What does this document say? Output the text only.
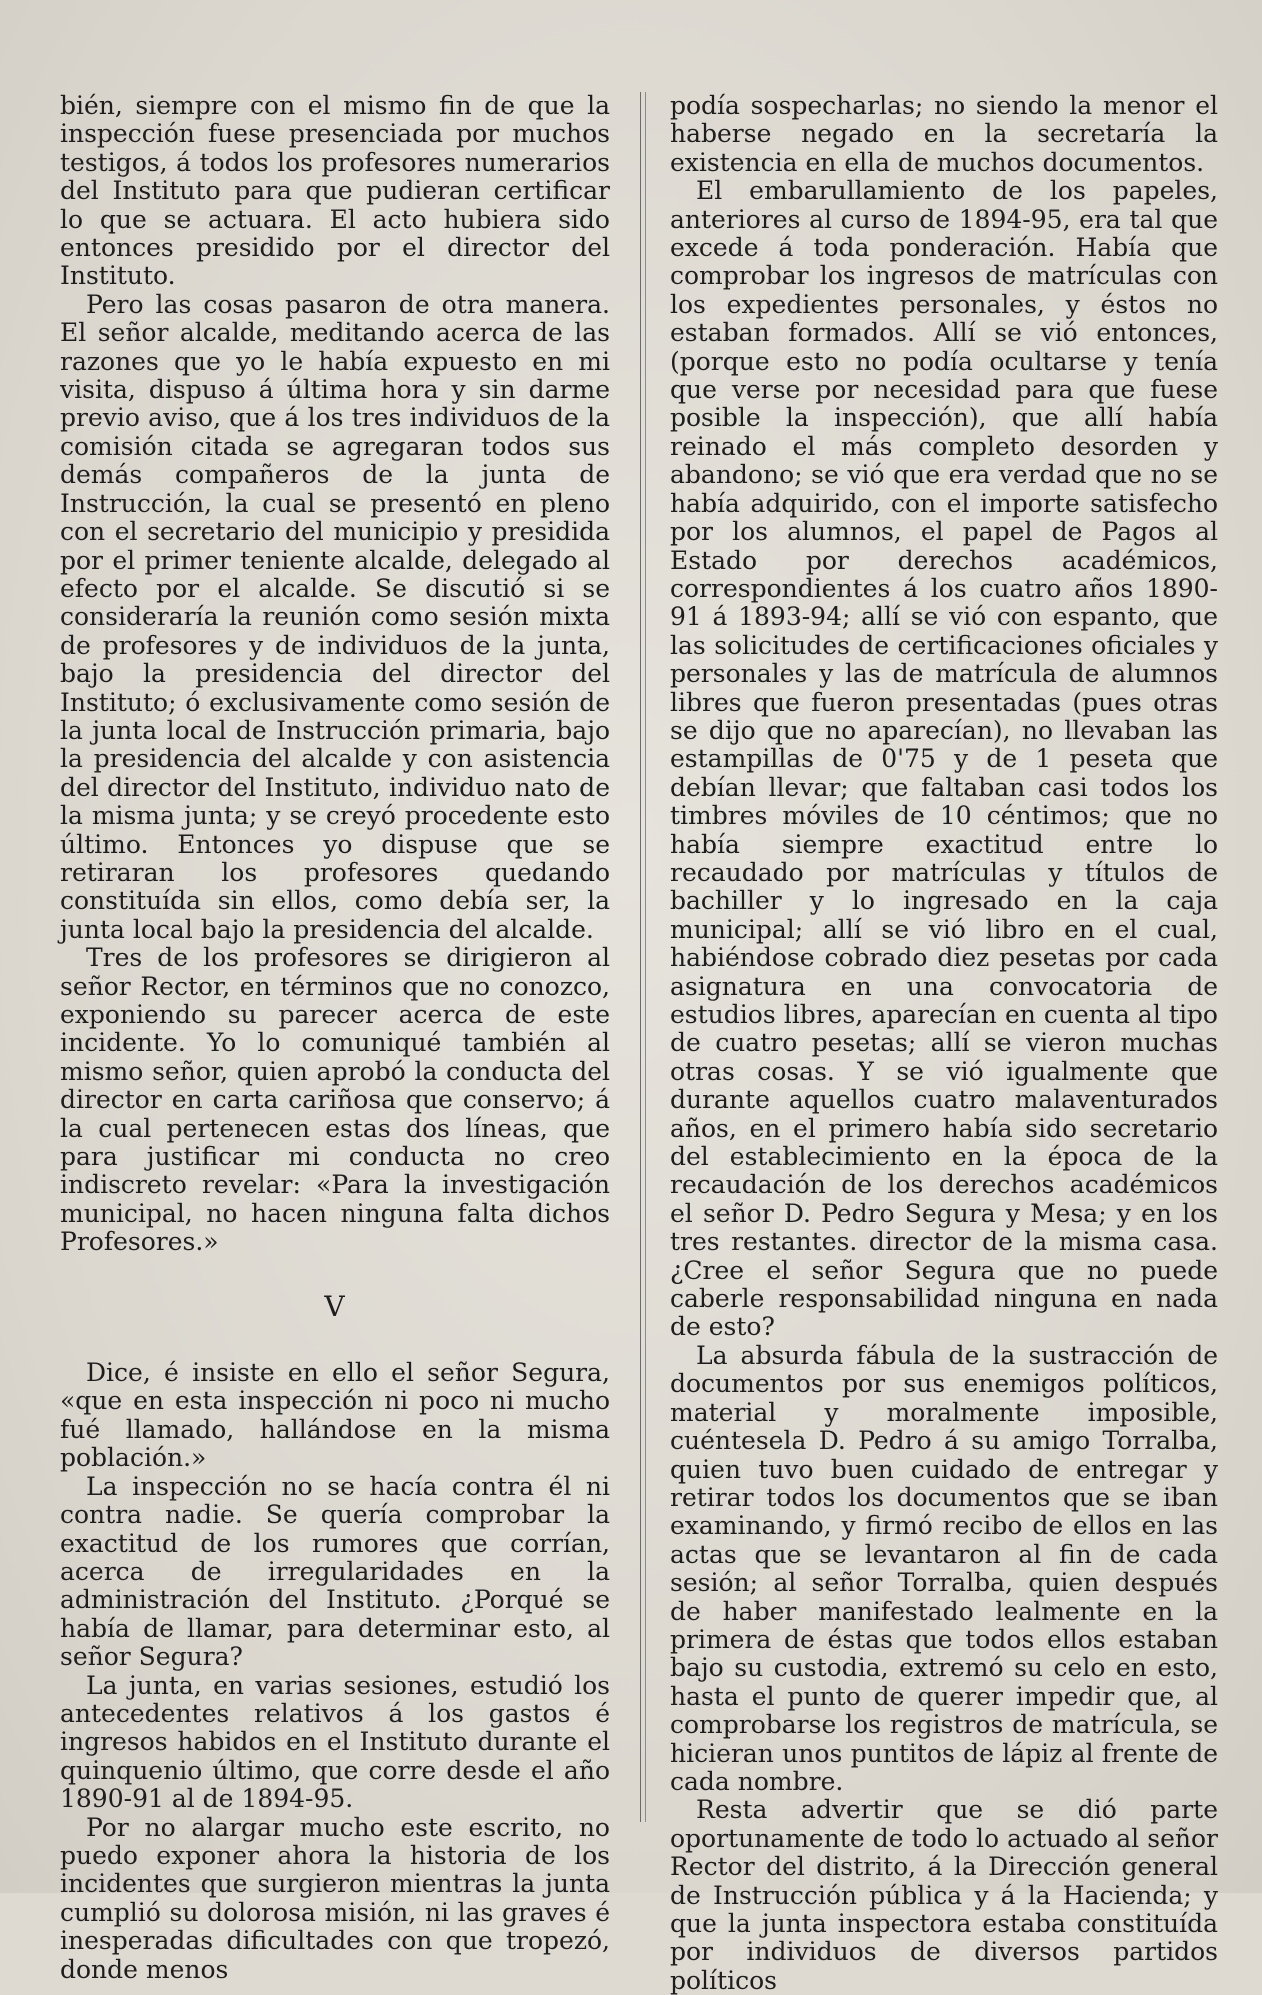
bién, siempre con el mismo fin de que la inspección fuese presenciada por muchos testigos, á todos los profesores numerarios del Instituto para que pudieran certificar lo que se actuara. El acto hubiera sido entonces presidido por el director del Instituto.

Pero las cosas pasaron de otra manera. El señor alcalde, meditando acerca de las razones que yo le había expuesto en mi visita, dispuso á última hora y sin darme previo aviso, que á los tres individuos de la comisión citada se agregaran todos sus demás compañeros de la junta de Instrucción, la cual se presentó en pleno con el secretario del municipio y presidida por el primer teniente alcalde, delegado al efecto por el alcalde. Se discutió si se consideraría la reunión como sesión mixta de profesores y de individuos de la junta, bajo la presidencia del director del Instituto; ó exclusivamente como sesión de la junta local de Instrucción primaria, bajo la presidencia del alcalde y con asistencia del director del Instituto, individuo nato de la misma junta; y se creyó procedente esto último. Entonces yo dispuse que se retiraran los profesores quedando constituída sin ellos, como debía ser, la junta local bajo la presidencia del alcalde.

Tres de los profesores se dirigieron al señor Rector, en términos que no conozco, exponiendo su parecer acerca de este incidente. Yo lo comuniqué también al mismo señor, quien aprobó la conducta del director en carta cariñosa que conservo; á la cual pertenecen estas dos líneas, que para justificar mi conducta no creo indiscreto revelar: «Para la investigación municipal, no hacen ninguna falta dichos Profesores.»

V

Dice, é insiste en ello el señor Segura, «que en esta inspección ni poco ni mucho fué llamado, hallándose en la misma población.»

La inspección no se hacía contra él ni contra nadie. Se quería comprobar la exactitud de los rumores que corrían, acerca de irregularidades en la administración del Instituto. ¿Porqué se había de llamar, para determinar esto, al señor Segura?

La junta, en varias sesiones, estudió los antecedentes relativos á los gastos é ingresos habidos en el Instituto durante el quinquenio último, que corre desde el año 1890-91 al de 1894-95.

Por no alargar mucho este escrito, no puedo exponer ahora la historia de los incidentes que surgieron mientras la junta cumplió su dolorosa misión, ni las graves é inesperadas dificultades con que tropezó, donde menos

podía sospecharlas; no siendo la menor el haberse negado en la secretaría la existencia en ella de muchos documentos.

El embarullamiento de los papeles, anteriores al curso de 1894-95, era tal que excede á toda ponderación. Había que comprobar los ingresos de matrículas con los expedientes personales, y éstos no estaban formados. Allí se vió entonces, (porque esto no podía ocultarse y tenía que verse por necesidad para que fuese posible la inspección), que allí había reinado el más completo desorden y abandono; se vió que era verdad que no se había adquirido, con el importe satisfecho por los alumnos, el papel de Pagos al Estado por derechos académicos, correspondientes á los cuatro años 1890-91 á 1893-94; allí se vió con espanto, que las solicitudes de certificaciones oficiales y personales y las de matrícula de alumnos libres que fueron presentadas (pues otras se dijo que no aparecían), no llevaban las estampillas de 0'75 y de 1 peseta que debían llevar; que faltaban casi todos los timbres móviles de 10 céntimos; que no había siempre exactitud entre lo recaudado por matrículas y títulos de bachiller y lo ingresado en la caja municipal; allí se vió libro en el cual, habiéndose cobrado diez pesetas por cada asignatura en una convocatoria de estudios libres, aparecían en cuenta al tipo de cuatro pesetas; allí se vieron muchas otras cosas. Y se vió igualmente que durante aquellos cuatro malaventurados años, en el primero había sido secretario del establecimiento en la época de la recaudación de los derechos académicos el señor D. Pedro Segura y Mesa; y en los tres restantes. director de la misma casa. ¿Cree el señor Segura que no puede caberle responsabilidad ninguna en nada de esto?

La absurda fábula de la sustracción de documentos por sus enemigos políticos, material y moralmente imposible, cuéntesela D. Pedro á su amigo Torralba, quien tuvo buen cuidado de entregar y retirar todos los documentos que se iban examinando, y firmó recibo de ellos en las actas que se levantaron al fin de cada sesión; al señor Torralba, quien después de haber manifestado lealmente en la primera de éstas que todos ellos estaban bajo su custodia, extremó su celo en esto, hasta el punto de querer impedir que, al comprobarse los registros de matrícula, se hicieran unos puntitos de lápiz al frente de cada nombre.

Resta advertir que se dió parte oportunamente de todo lo actuado al señor Rector del distrito, á la Dirección general de Instrucción pública y á la Hacienda; y que la junta inspectora estaba constituída por individuos de diversos partidos políticos
